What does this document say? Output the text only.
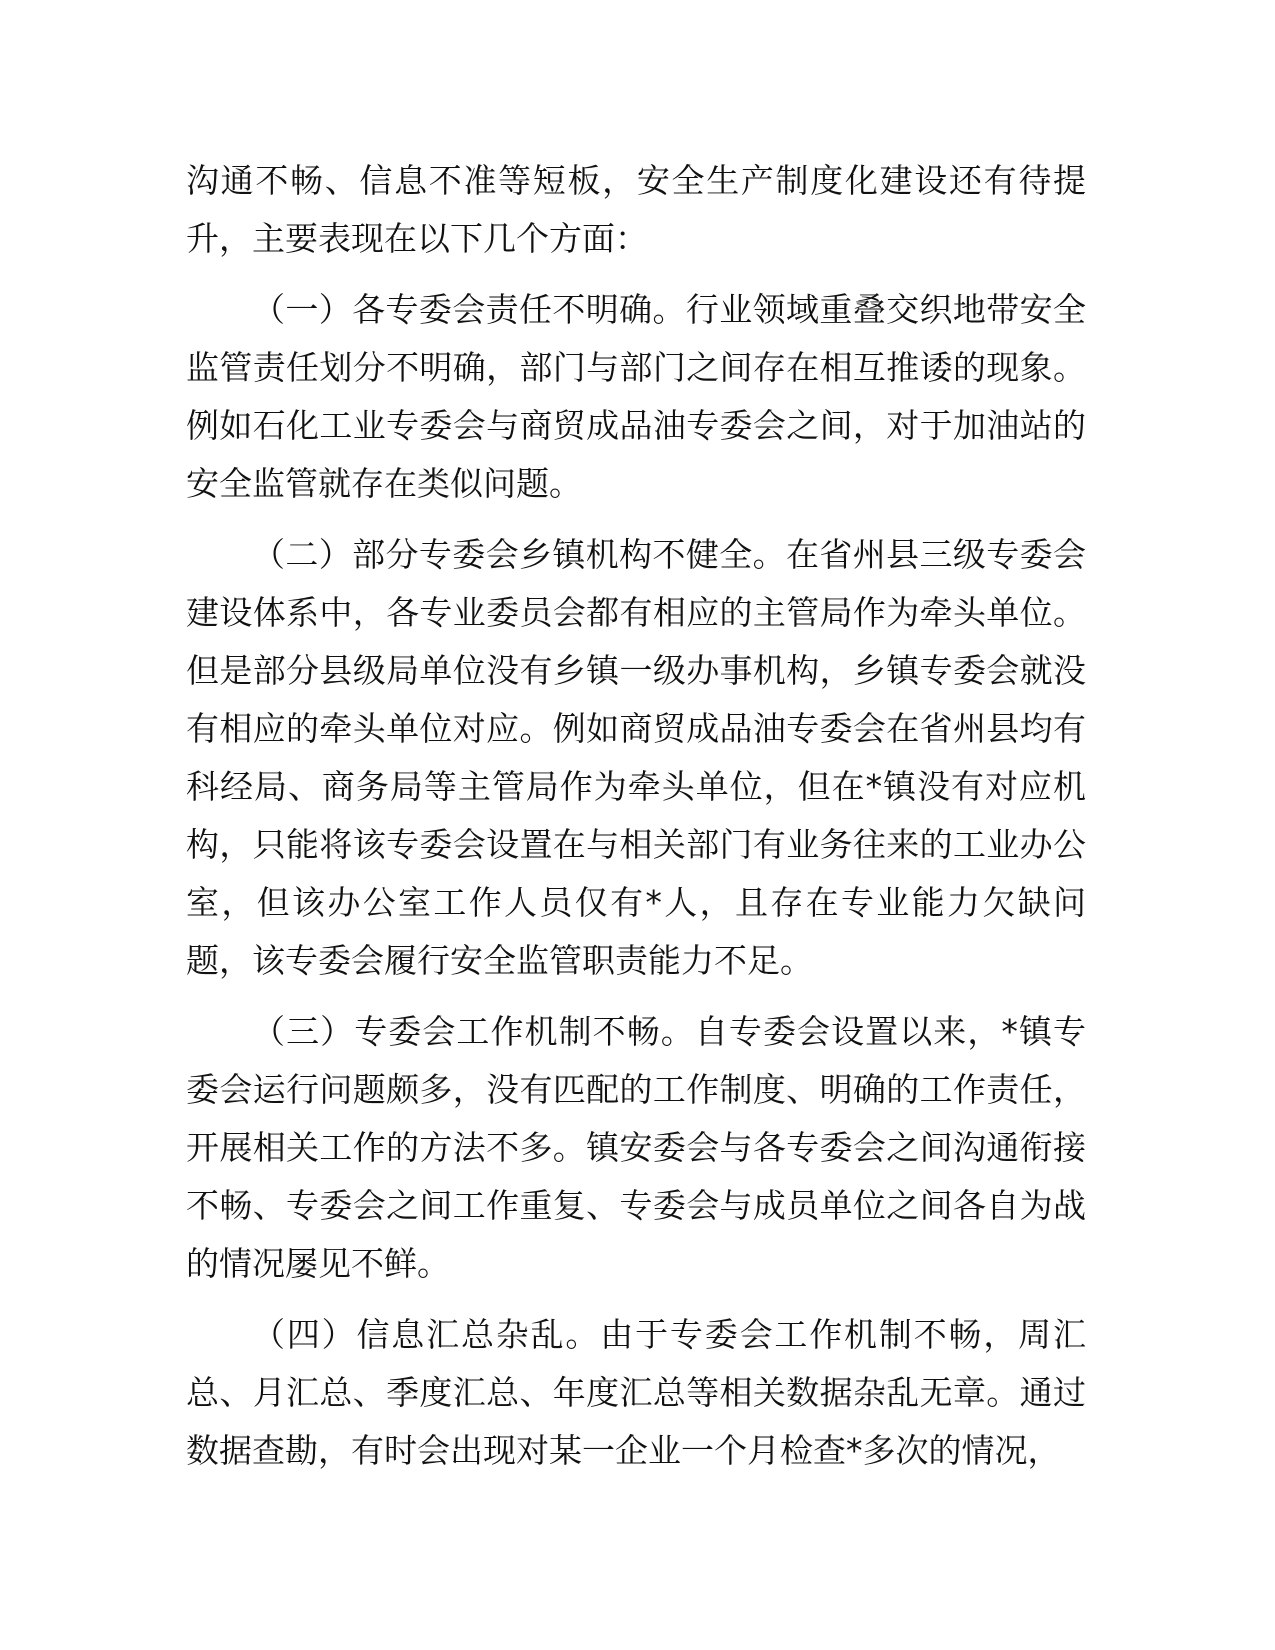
沟通不畅、信息不准等短板，安全生产制度化建设还有待提升，主要表现在以下几个方面：

（一）各专委会责任不明确。行业领域重叠交织地带安全监管责任划分不明确，部门与部门之间存在相互推诿的现象。例如石化工业专委会与商贸成品油专委会之间，对于加油站的安全监管就存在类似问题。

（二）部分专委会乡镇机构不健全。在省州县三级专委会建设体系中，各专业委员会都有相应的主管局作为牵头单位。但是部分县级局单位没有乡镇一级办事机构，乡镇专委会就没有相应的牵头单位对应。例如商贸成品油专委会在省州县均有科经局、商务局等主管局作为牵头单位，但在*镇没有对应机构，只能将该专委会设置在与相关部门有业务往来的工业办公室，但该办公室工作人员仅有*人，且存在专业能力欠缺问题，该专委会履行安全监管职责能力不足。

（三）专委会工作机制不畅。自专委会设置以来，*镇专委会运行问题颇多，没有匹配的工作制度、明确的工作责任，开展相关工作的方法不多。镇安委会与各专委会之间沟通衔接不畅、专委会之间工作重复、专委会与成员单位之间各自为战的情况屡见不鲜。

（四）信息汇总杂乱。由于专委会工作机制不畅，周汇总、月汇总、季度汇总、年度汇总等相关数据杂乱无章。通过数据查勘，有时会出现对某一企业一个月检查*多次的情况，
